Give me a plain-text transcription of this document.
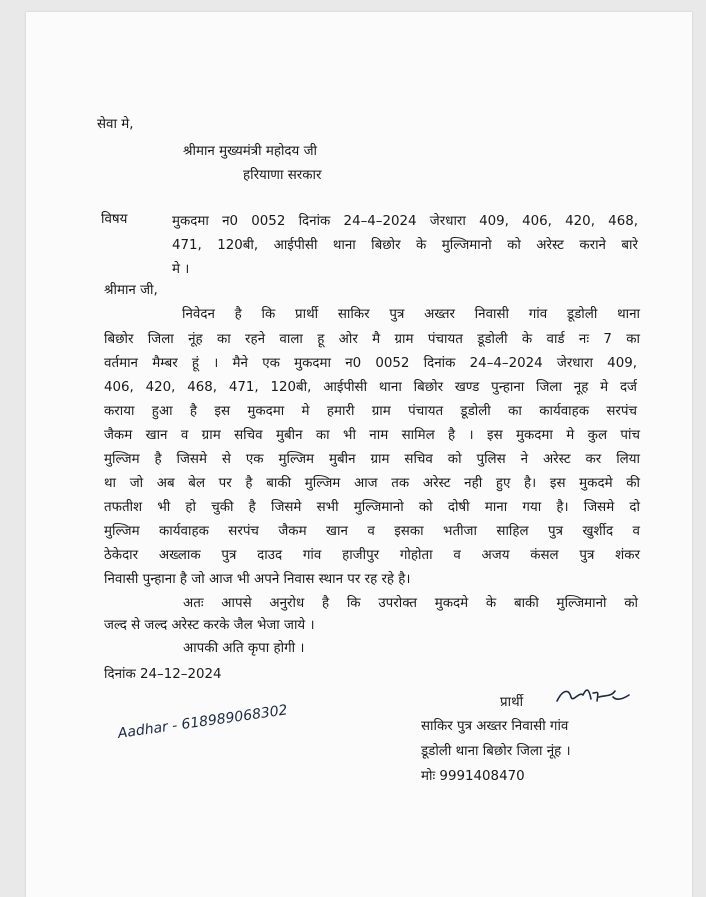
सेवा मे,
श्रीमान मुख्यमंत्री महोदय जी
हरियाणा सरकार
विषय	मुकदमा न0 0052 दिनांक 24–4–2024 जेरधारा 409, 406, 420, 468,
471, 120बी, आईपीसी थाना बिछोर के मुल्जिमानो को अरेस्ट कराने बारे
मे ।
श्रीमान जी,
निवेदन है कि प्रार्थी साकिर पुत्र अख्तर निवासी गांव डूडोली थाना
बिछोर जिला नूंह का रहने वाला हू ओर मै ग्राम पंचायत डूडोली के वार्ड नः 7 का
वर्तमान मैम्बर हूं । मैने एक मुकदमा न0 0052 दिनांक 24–4–2024 जेरधारा 409,
406, 420, 468, 471, 120बी, आईपीसी थाना बिछोर खण्ड पुन्हाना जिला नूह मे दर्ज
कराया हुआ है इस मुकदमा मे हमारी ग्राम पंचायत डूडोली का कार्यवाहक सरपंच
जैकम खान व ग्राम सचिव मुबीन का भी नाम सामिल है । इस मुकदमा मे कुल पांच
मुल्जिम है जिसमे से एक मुल्जिम मुबीन ग्राम सचिव को पुलिस ने अरेस्ट कर लिया
था जो अब बेल पर है बाकी मुल्जिम आज तक अरेस्ट नही हुए है। इस मुकदमे की
तफतीश भी हो चुकी है जिसमे सभी मुल्जिमानो को दोषी माना गया है। जिसमे दो
मुल्जिम कार्यवाहक सरपंच जैकम खान व इसका भतीजा साहिल पुत्र खुर्शीद व
ठेकेदार अख्लाक पुत्र दाउद गांव हाजीपुर गोहोता व अजय कंसल पुत्र शंकर
निवासी पुन्हाना है जो आज भी अपने निवास स्थान पर रह रहे है।
अतः आपसे अनुरोध है कि उपरोक्त मुकदमे के बाकी मुल्जिमानो को
जल्द से जल्द अरेस्ट करके जैल भेजा जाये ।
आपकी अति कृपा होगी ।
दिनांक 24–12–2024
प्रार्थी
साकिर पुत्र अख्तर निवासी गांव
डूडोली थाना बिछोर जिला नूंह ।
मोः 9991408470
Aadhar - 618989068302
